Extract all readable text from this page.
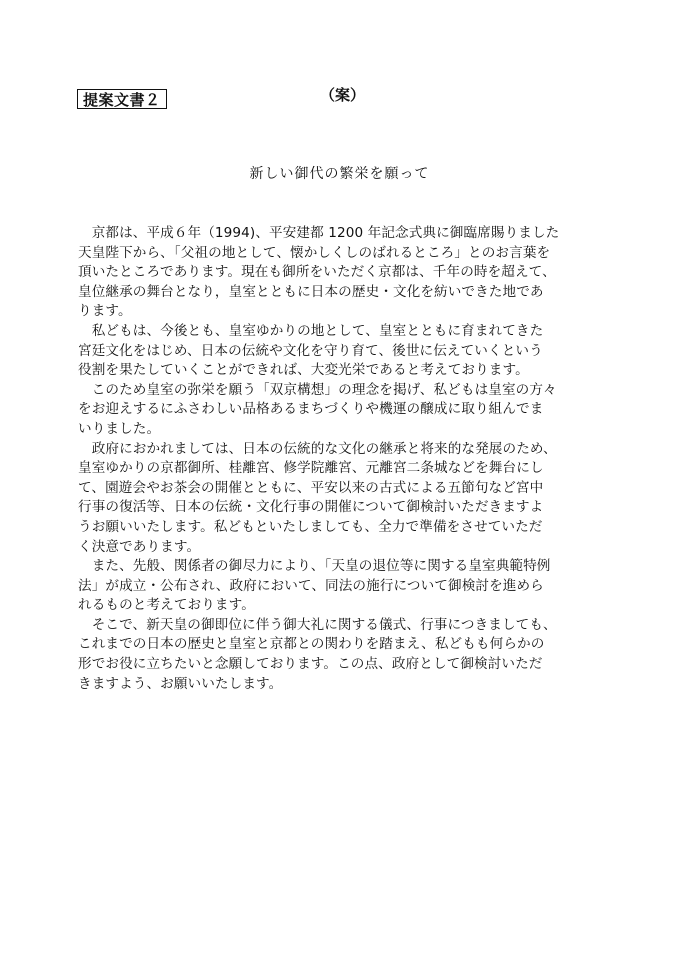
提案文書２	（案）
新しい御代の繁栄を願って
　京都は、平成６年（1994)、平安建都 1200 年記念式典に御臨席賜りました
天皇陛下から、「父祖の地として、懐かしくしのばれるところ」とのお言葉を
頂いたところであります。現在も御所をいただく京都は、千年の時を超えて、
皇位継承の舞台となり，皇室とともに日本の歴史・文化を紡いできた地であ
ります。
　私どもは、今後とも、皇室ゆかりの地として、皇室とともに育まれてきた
宮廷文化をはじめ、日本の伝統や文化を守り育て、後世に伝えていくという
役割を果たしていくことができれば、大変光栄であると考えております。
　このため皇室の弥栄を願う「双京構想」の理念を掲げ、私どもは皇室の方々
をお迎えするにふさわしい品格あるまちづくりや機運の醸成に取り組んでま
いりました。
　政府におかれましては、日本の伝統的な文化の継承と将来的な発展のため、
皇室ゆかりの京都御所、桂離宮、修学院離宮、元離宮二条城などを舞台にし
て、園遊会やお茶会の開催とともに、平安以来の古式による五節句など宮中
行事の復活等、日本の伝統・文化行事の開催について御検討いただきますよ
うお願いいたします。私どもといたしましても、全力で準備をさせていただ
く決意であります。
　また、先般、関係者の御尽力により、「天皇の退位等に関する皇室典範特例
法」が成立・公布され、政府において、同法の施行について御検討を進めら
れるものと考えております。
　そこで、新天皇の御即位に伴う御大礼に関する儀式、行事につきましても、
これまでの日本の歴史と皇室と京都との関わりを踏まえ、私どもも何らかの
形でお役に立ちたいと念願しております。この点、政府として御検討いただ
きますよう、お願いいたします。
